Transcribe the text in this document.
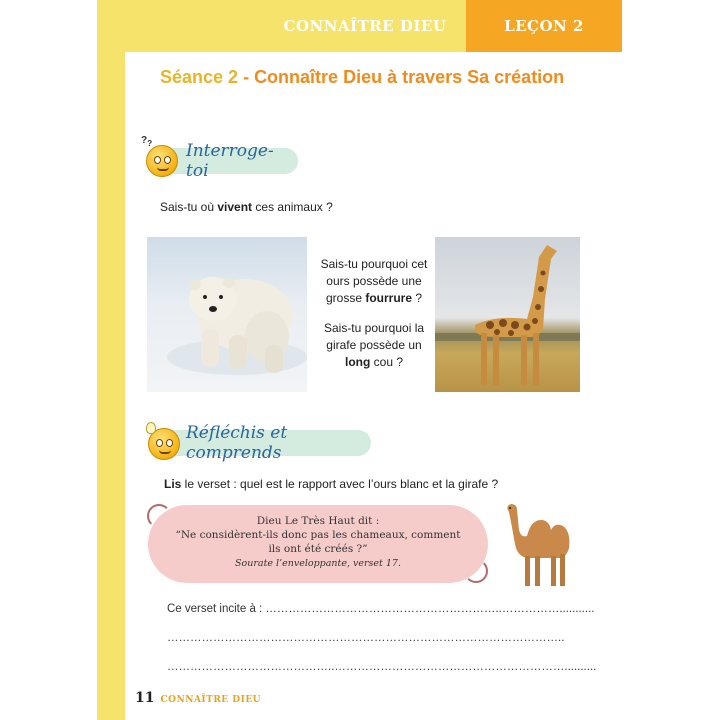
CONNAÎTRE DIEU	LEÇON 2
Séance 2 - Connaître Dieu à travers Sa création
Interroge-toi
$?_?$
Sais-tu où vivent ces animaux ?

Sais-tu pourquoi cet ours possède une grosse fourrure ?

Sais-tu pourquoi la girafe possède un long cou ?

Réfléchis et comprends
Lis le verset : quel est le rapport avec l’ours blanc et la girafe ?
Dieu Le Très Haut dit :
“Ne considèrent-ils donc pas les chameaux, comment
ils ont été créés ?”
Sourate l’enveloppante, verset 17.
Ce verset incite à : ……………………………………………………..……………...........
…………………………………………………………………………………………..
……………………………………..……………………………………………………..........
11 CONNAÎTRE DIEU
